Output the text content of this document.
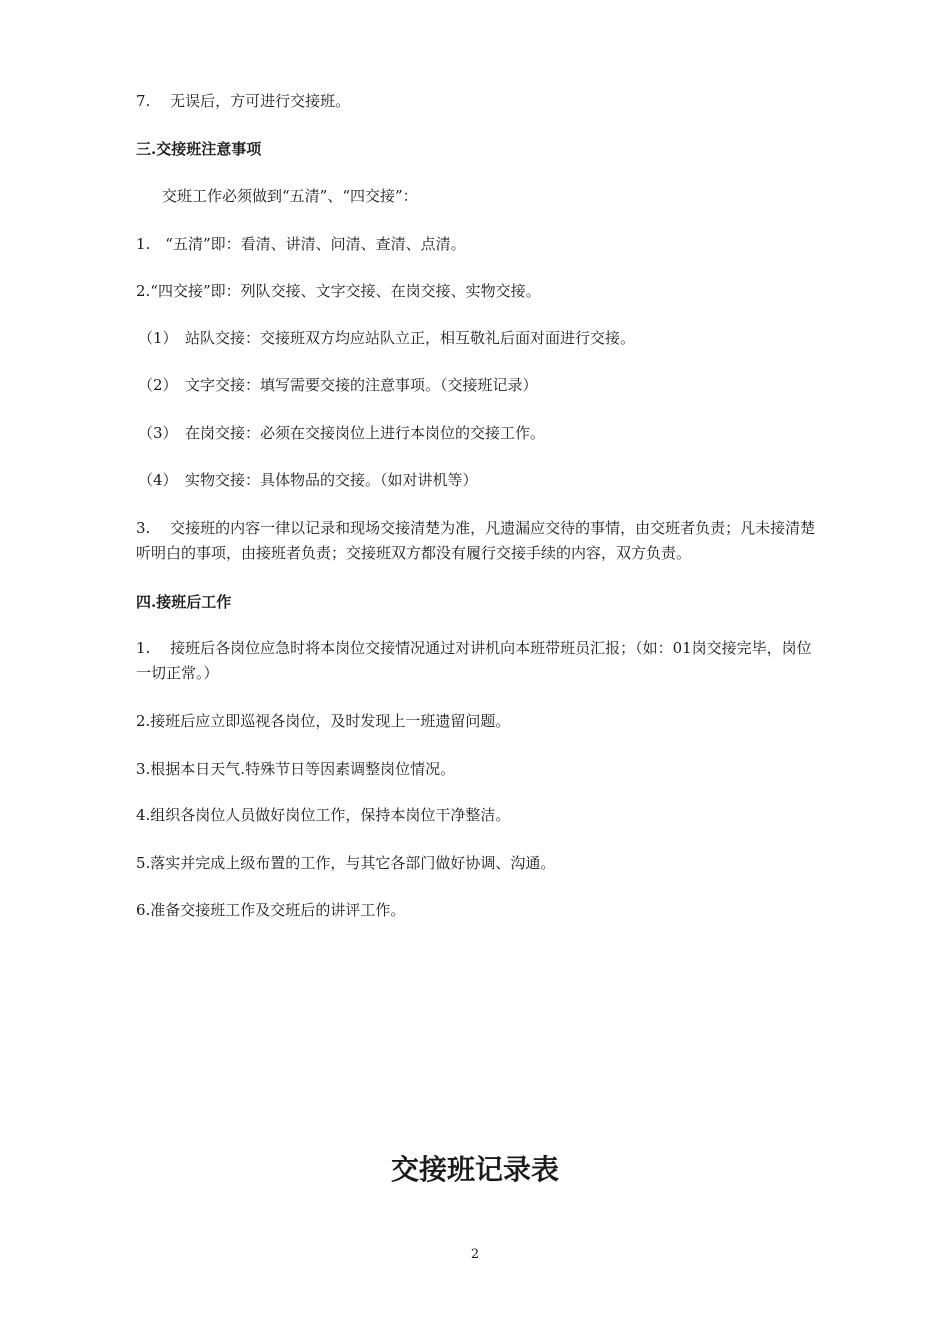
7.　 无误后，方可进行交接班。
三.交接班注意事项
交班工作必须做到“五清”、“四交接”：
1.　“五清”即：看清、讲清、问清、查清、点清。
2.“四交接”即：列队交接、文字交接、在岗交接、实物交接。
（1）　站队交接：交接班双方均应站队立正，相互敬礼后面对面进行交接。
（2）　文字交接：填写需要交接的注意事项。（交接班记录）
（3）　在岗交接：必须在交接岗位上进行本岗位的交接工作。
（4）　实物交接：具体物品的交接。（如对讲机等）
3.　 交接班的内容一律以记录和现场交接清楚为准，凡遗漏应交待的事情，由交班者负责；凡未接清楚听明白的事项，由接班者负责；交接班双方都没有履行交接手续的内容，双方负责。
四.接班后工作
1.　 接班后各岗位应急时将本岗位交接情况通过对讲机向本班带班员汇报；（如：01岗交接完毕，岗位一切正常。）
2.接班后应立即巡视各岗位，及时发现上一班遗留问题。
3.根据本日天气.特殊节日等因素调整岗位情况。
4.组织各岗位人员做好岗位工作，保持本岗位干净整洁。
5.落实并完成上级布置的工作，与其它各部门做好协调、沟通。
6.准备交接班工作及交班后的讲评工作。
交接班记录表
2
